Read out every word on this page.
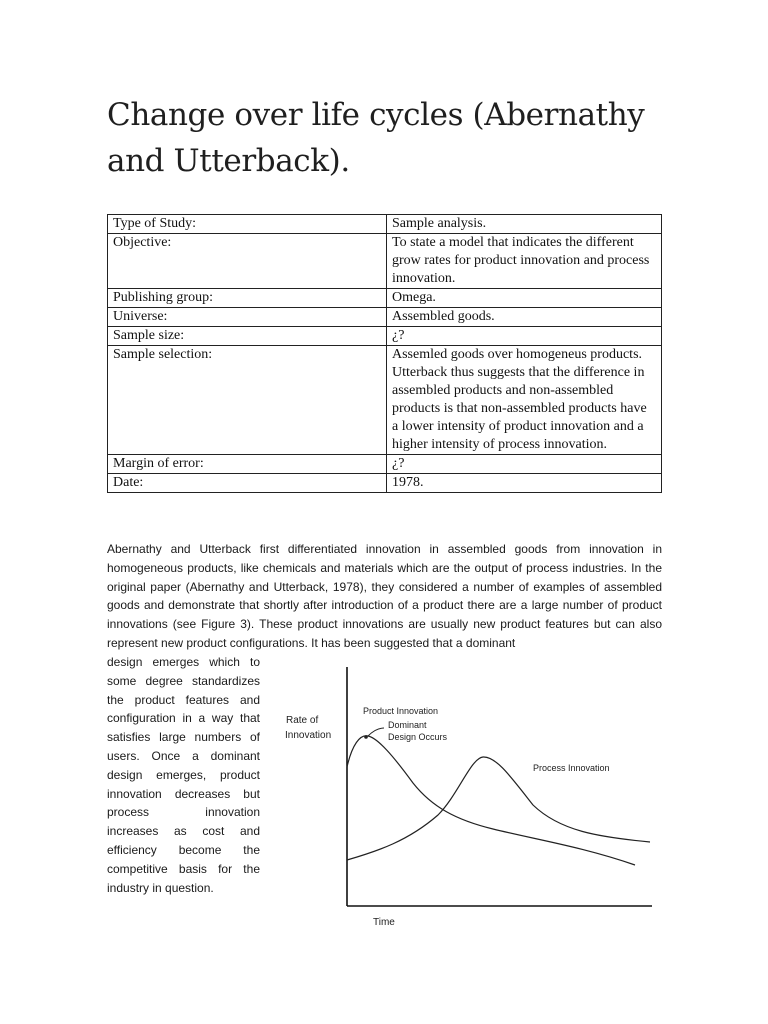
Change over life cycles (Abernathy and Utterback).
Type of Study:	Sample analysis.
Objective:	To state a model that indicates the different grow rates for product innovation and process innovation.
Publishing group:	Omega.
Universe:	Assembled goods.
Sample size:	¿?
Sample selection:	Assemled goods over homogeneus products. Utterback thus suggests that the difference in assembled products and non-assembled products is that non-assembled products have a lower intensity of product innovation and a higher intensity of process innovation.
Margin of error:	¿?
Date:	1978.

Abernathy and Utterback first differentiated innovation in assembled goods from innovation in homogeneous products, like chemicals and materials which are the output of process industries. In the original paper (Abernathy and Utterback, 1978), they considered a number of examples of assembled goods and demonstrate that shortly after introduction of a product there are a large number of product innovations (see Figure 3). These product innovations are usually new product features but can also represent new product configurations. It has been suggested that a dominant

design emerges which to some degree standardizes the product features and configuration in a way that satisfies large numbers of users. Once a dominant design emerges, product innovation decreases but process innovation increases as cost and efficiency become the competitive basis for the industry in question.

Rate of
Innovation
Time
Product Innovation
Dominant
Design Occurs
Process Innovation
